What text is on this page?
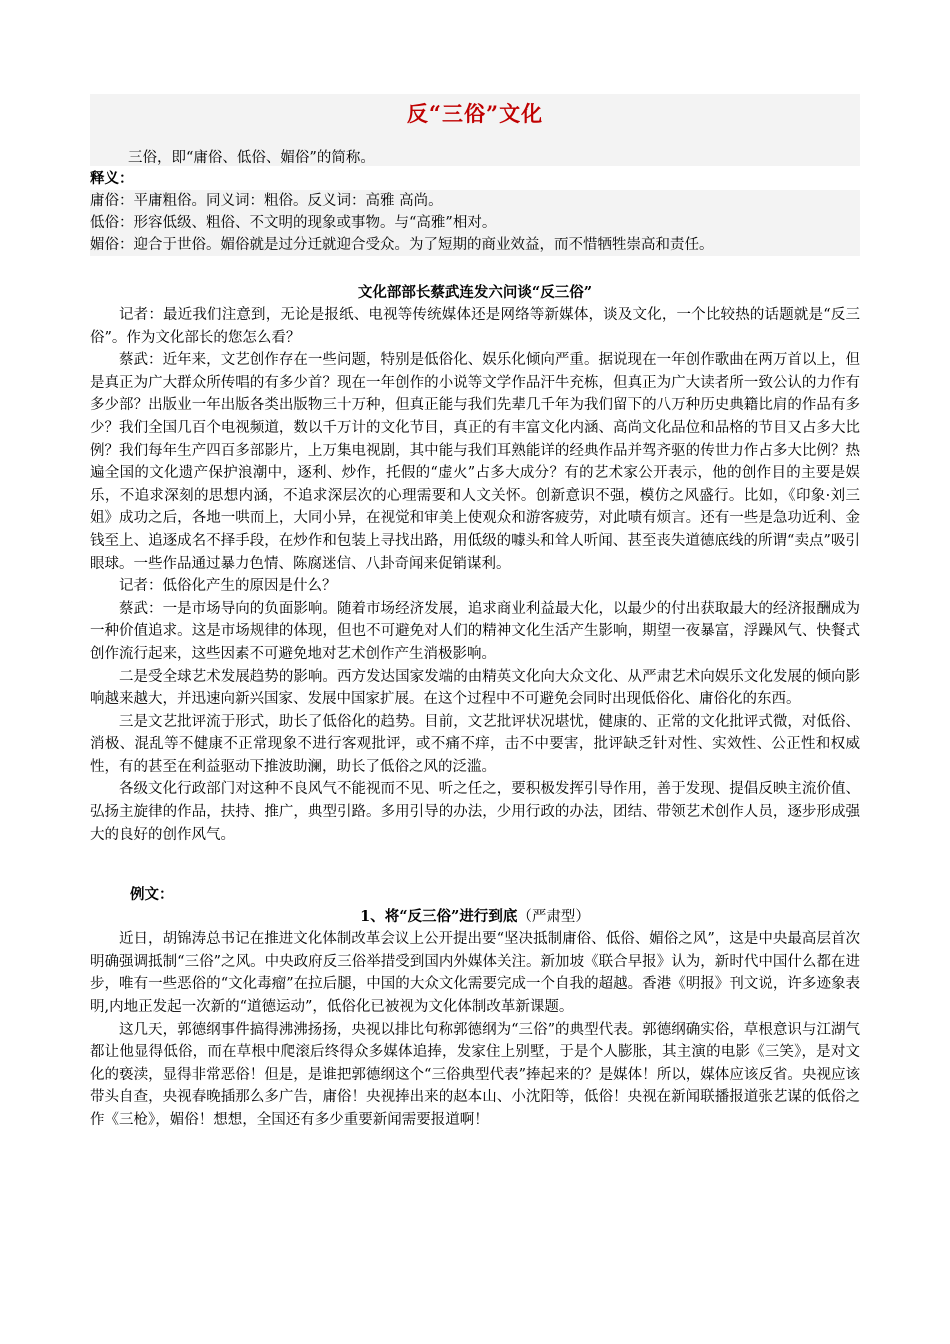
反“三俗”文化
三俗，即“庸俗、低俗、媚俗”的简称。
释义：
庸俗：平庸粗俗。同义词：粗俗。反义词：高雅 高尚。
低俗：形容低级、粗俗、不文明的现象或事物。与“高雅”相对。
媚俗：迎合于世俗。媚俗就是过分迁就迎合受众。为了短期的商业效益，而不惜牺牲崇高和责任。
文化部部长蔡武连发六问谈“反三俗”

记者：最近我们注意到，无论是报纸、电视等传统媒体还是网络等新媒体，谈及文化，一个比较热的话题就是“反三俗”。作为文化部长的您怎么看？

蔡武：近年来，文艺创作存在一些问题，特别是低俗化、娱乐化倾向严重。据说现在一年创作歌曲在两万首以上，但是真正为广大群众所传唱的有多少首？现在一年创作的小说等文学作品汗牛充栋，但真正为广大读者所一致公认的力作有多少部？出版业一年出版各类出版物三十万种，但真正能与我们先辈几千年为我们留下的八万种历史典籍比肩的作品有多少？我们全国几百个电视频道，数以千万计的文化节目，真正的有丰富文化内涵、高尚文化品位和品格的节目又占多大比例？我们每年生产四百多部影片，上万集电视剧，其中能与我们耳熟能详的经典作品并驾齐驱的传世力作占多大比例？热遍全国的文化遗产保护浪潮中，逐利、炒作，托假的“虚火”占多大成分？有的艺术家公开表示，他的创作目的主要是娱乐，不追求深刻的思想内涵，不追求深层次的心理需要和人文关怀。创新意识不强，模仿之风盛行。比如，《印象·刘三姐》成功之后，各地一哄而上，大同小异，在视觉和审美上使观众和游客疲劳，对此啧有烦言。还有一些是急功近利、金钱至上、追逐成名不择手段，在炒作和包装上寻找出路，用低级的噱头和耸人听闻、甚至丧失道德底线的所谓“卖点”吸引眼球。一些作品通过暴力色情、陈腐迷信、八卦奇闻来促销谋利。

记者：低俗化产生的原因是什么？

蔡武：一是市场导向的负面影响。随着市场经济发展，追求商业利益最大化，以最少的付出获取最大的经济报酬成为一种价值追求。这是市场规律的体现，但也不可避免对人们的精神文化生活产生影响，期望一夜暴富，浮躁风气、快餐式创作流行起来，这些因素不可避免地对艺术创作产生消极影响。

二是受全球艺术发展趋势的影响。西方发达国家发端的由精英文化向大众文化、从严肃艺术向娱乐文化发展的倾向影响越来越大，并迅速向新兴国家、发展中国家扩展。在这个过程中不可避免会同时出现低俗化、庸俗化的东西。

三是文艺批评流于形式，助长了低俗化的趋势。目前，文艺批评状况堪忧，健康的、正常的文化批评式微，对低俗、消极、混乱等不健康不正常现象不进行客观批评，或不痛不痒，击不中要害，批评缺乏针对性、实效性、公正性和权威性，有的甚至在利益驱动下推波助澜，助长了低俗之风的泛滥。

各级文化行政部门对这种不良风气不能视而不见、听之任之，要积极发挥引导作用，善于发现、提倡反映主流价值、弘扬主旋律的作品，扶持、推广，典型引路。多用引导的办法，少用行政的办法，团结、带领艺术创作人员，逐步形成强大的良好的创作风气。

例文：
1、将“反三俗”进行到底（严肃型）

近日，胡锦涛总书记在推进文化体制改革会议上公开提出要“坚决抵制庸俗、低俗、媚俗之风”，这是中央最高层首次明确强调抵制“三俗”之风。中央政府反三俗举措受到国内外媒体关注。新加坡《联合早报》认为，新时代中国什么都在进步，唯有一些恶俗的“文化毒瘤”在拉后腿，中国的大众文化需要完成一个自我的超越。香港《明报》刊文说，许多迹象表明,内地正发起一次新的“道德运动”，低俗化已被视为文化体制改革新课题。

这几天，郭德纲事件搞得沸沸扬扬，央视以排比句称郭德纲为“三俗”的典型代表。郭德纲确实俗，草根意识与江湖气都让他显得低俗，而在草根中爬滚后终得众多媒体追捧，发家住上别墅，于是个人膨胀，其主演的电影《三笑》，是对文化的亵渎，显得非常恶俗！但是，是谁把郭德纲这个“三俗典型代表”捧起来的？是媒体！所以，媒体应该反省。央视应该带头自查，央视春晚插那么多广告，庸俗！央视捧出来的赵本山、小沈阳等，低俗！央视在新闻联播报道张艺谋的低俗之作《三枪》，媚俗！想想，全国还有多少重要新闻需要报道啊！
